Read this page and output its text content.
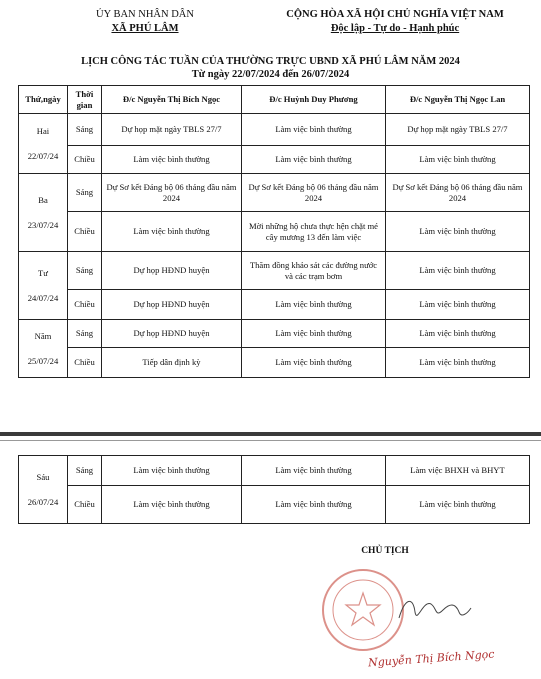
ỦY BAN NHÂN DÂN
XÃ PHÚ LÂM
CỘNG HÒA XÃ HỘI CHỦ NGHĨA VIỆT NAM
Độc lập - Tự do - Hạnh phúc
LỊCH CÔNG TÁC TUẦN CỦA THƯỜNG TRỰC UBND XÃ PHÚ LÂM NĂM 2024
Từ ngày 22/07/2024 đến 26/07/2024
Thứ,ngày	Thời gian	Đ/c Nguyễn Thị Bích Ngọc	Đ/c Huỳnh Duy Phương	Đ/c Nguyễn Thị Ngọc Lan

Hai
22/07/24	Sáng	Dự họp mặt ngày TBLS 27/7	Làm việc bình thường	Dự họp mặt ngày TBLS 27/7
	Chiều	Làm việc bình thường	Làm việc bình thường	Làm việc bình thường

Ba
23/07/24	Sáng	Dự Sơ kết Đảng bộ 06 tháng đầu năm 2024	Dự Sơ kết Đảng bộ 06 tháng đầu năm 2024	Dự Sơ kết Đảng bộ 06 tháng đầu năm 2024
	Chiều	Làm việc bình thường	Mời những hộ chưa thực hện chặt mé cây mương 13 đến làm việc	Làm việc bình thường

Tư
24/07/24	Sáng	Dự họp HĐND huyện	Thăm đồng khảo sát các đường nước và các trạm bơm	Làm việc bình thường
	Chiều	Dự họp HĐND huyện	Làm việc bình thường	Làm việc bình thường

Năm
25/07/24	Sáng	Dự họp HĐND huyện	Làm việc bình thường	Làm việc bình thường
	Chiều	Tiếp dân định kỳ	Làm việc bình thường	Làm việc bình thường
Sáu
26/07/24	Sáng	Làm việc bình thường	Làm việc bình thường	Làm việc BHXH và BHYT
	Chiều	Làm việc bình thường	Làm việc bình thường	Làm việc bình thường
CHỦ TỊCH
Nguyễn Thị Bích Ngọc
